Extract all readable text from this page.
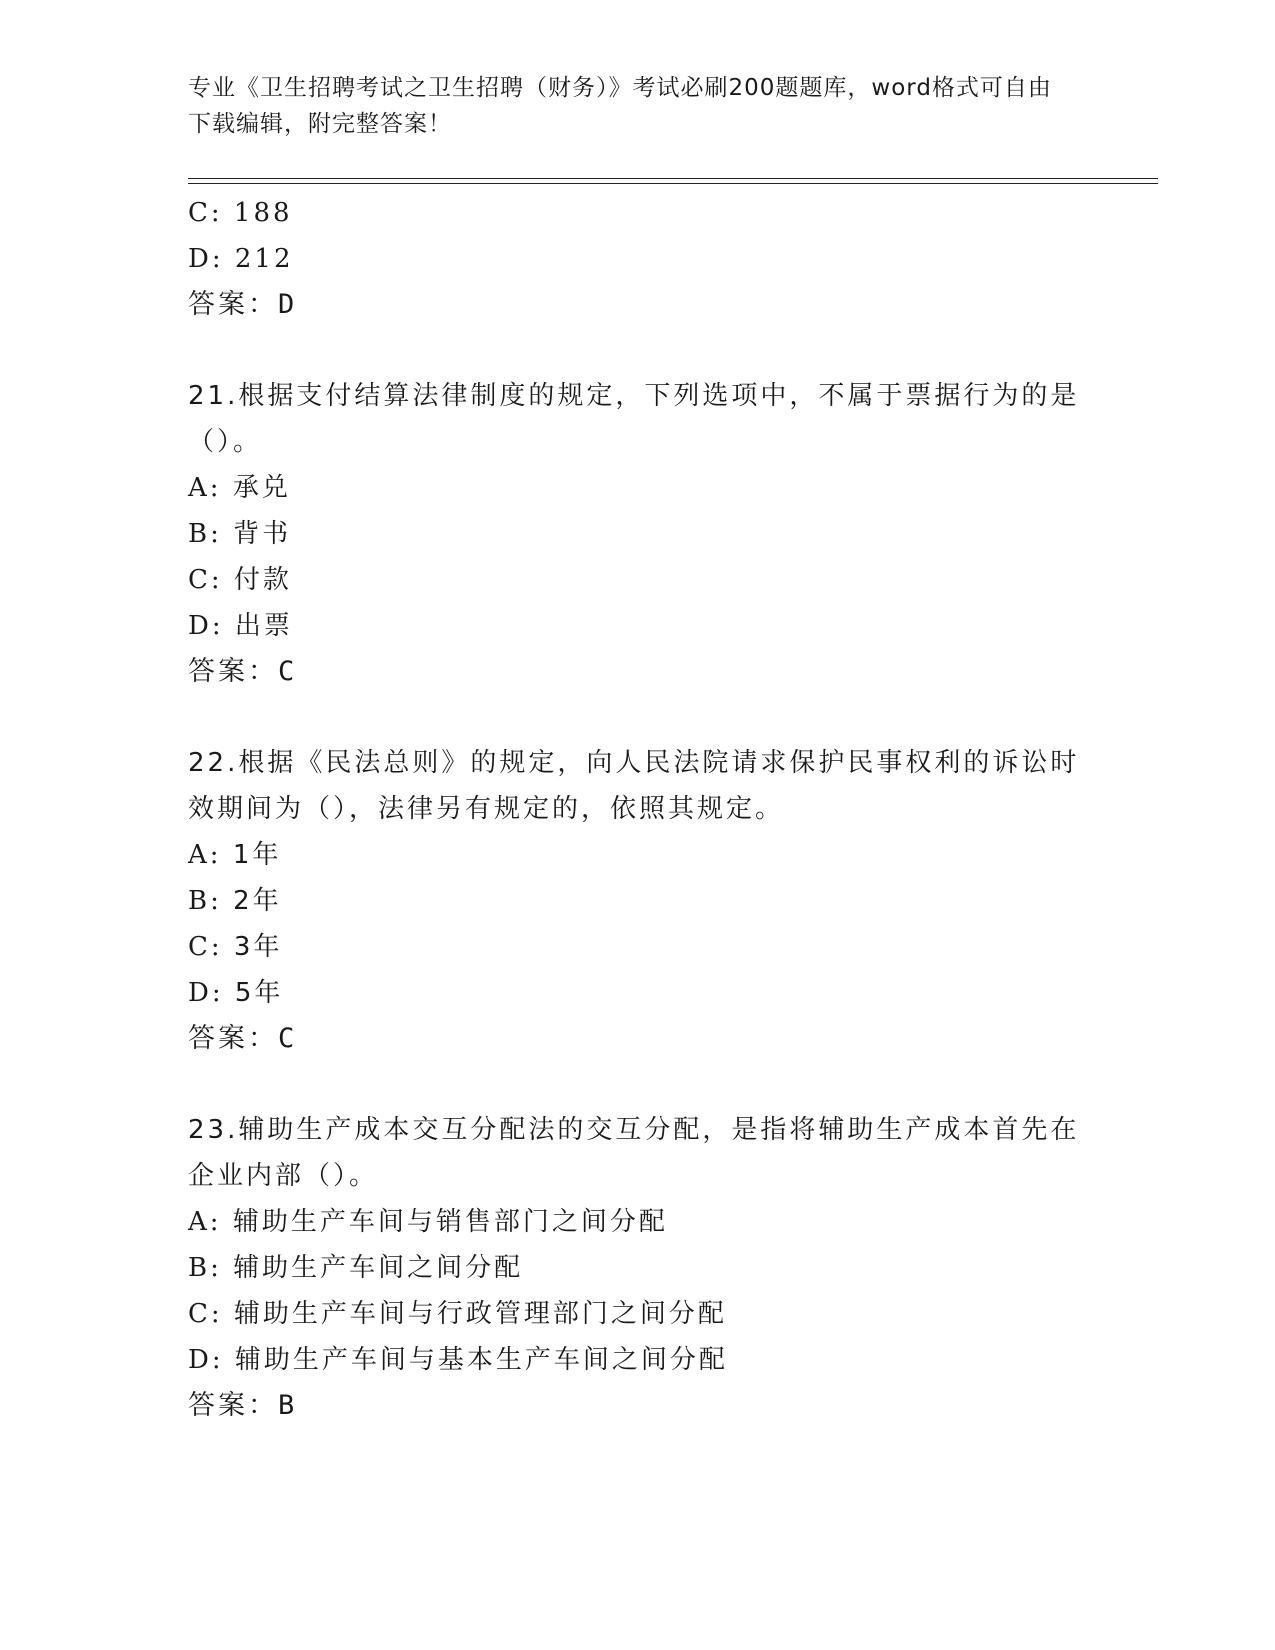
专业《卫生招聘考试之卫生招聘（财务）》考试必刷200题题库，word格式可自由下载编辑，附完整答案！
C: 188
D: 212
答案：D
21.根据支付结算法律制度的规定，下列选项中，不属于票据行为的是（）。
A: 承兑
B: 背书
C: 付款
D: 出票
答案：C
22.根据《民法总则》的规定，向人民法院请求保护民事权利的诉讼时效期间为（），法律另有规定的，依照其规定。
A: 1年
B: 2年
C: 3年
D: 5年
答案：C
23.辅助生产成本交互分配法的交互分配，是指将辅助生产成本首先在企业内部（）。
A: 辅助生产车间与销售部门之间分配
B: 辅助生产车间之间分配
C: 辅助生产车间与行政管理部门之间分配
D: 辅助生产车间与基本生产车间之间分配
答案：B
